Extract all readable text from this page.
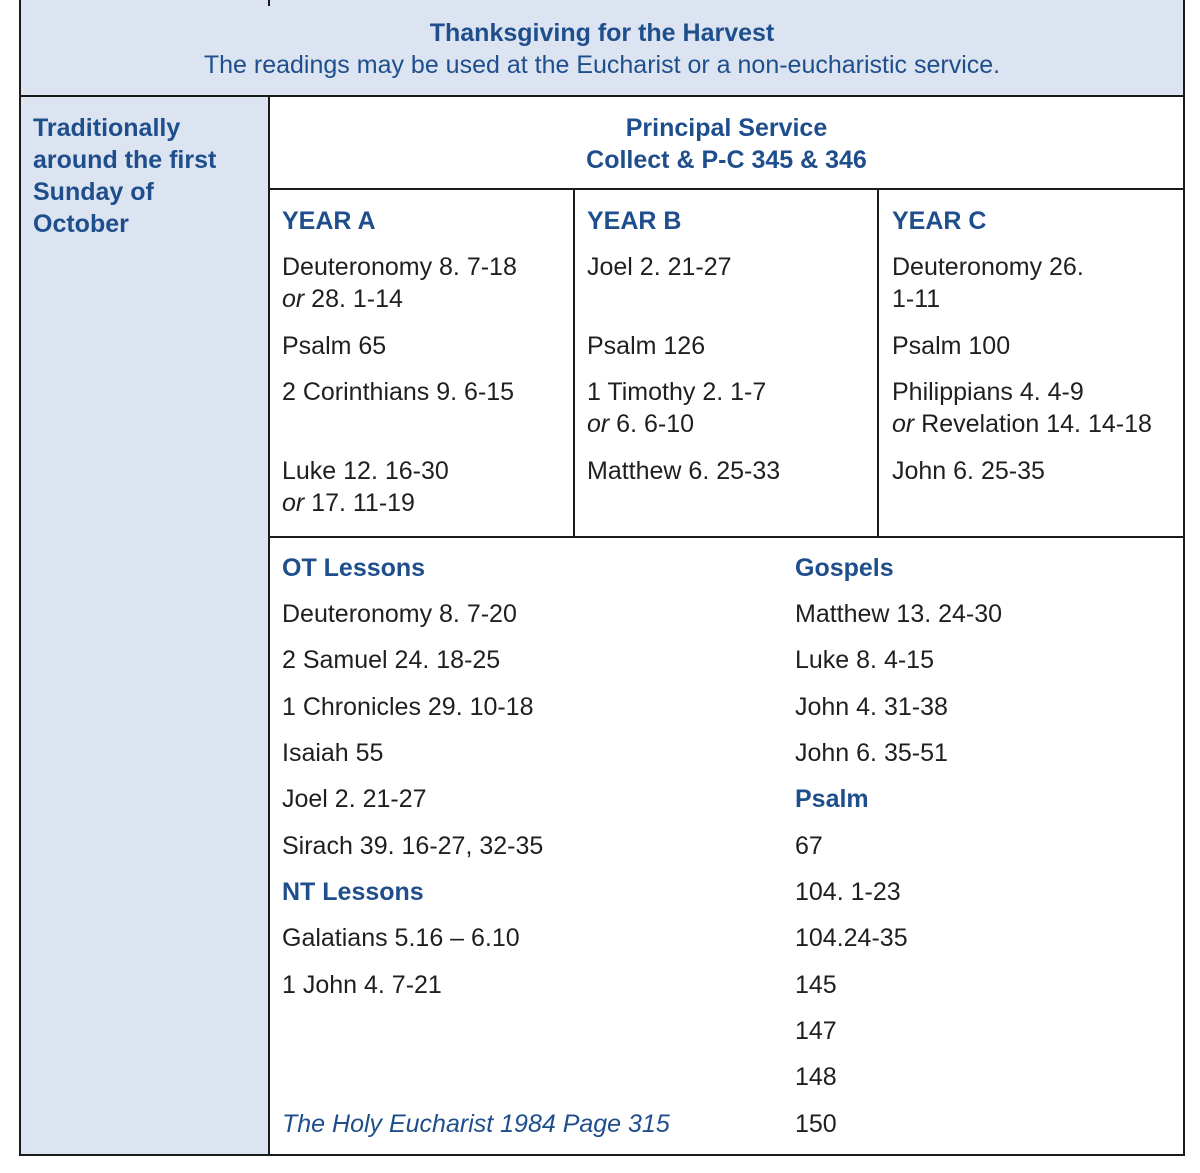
Thanksgiving for the Harvest
The readings may be used at the Eucharist or a non-eucharistic service.
Traditionally
around the first
Sunday of
October
Principal Service
Collect & P-C 345 & 346
YEAR A
Deuteronomy 8. 7-18
or 28. 1-14
Psalm 65
2 Corinthians 9. 6-15
Luke 12. 16-30
or 17. 11-19
YEAR B
Joel 2. 21-27
Psalm 126
1 Timothy 2. 1-7
or 6. 6-10
Matthew 6. 25-33
YEAR C
Deuteronomy 26.
1-11
Psalm 100
Philippians 4. 4-9
or Revelation 14. 14-18
John 6. 25-35
OT Lessons
Deuteronomy 8. 7-20
2 Samuel 24. 18-25
1 Chronicles 29. 10-18
Isaiah 55
Joel 2. 21-27
Sirach 39. 16-27, 32-35
NT Lessons
Galatians 5.16 – 6.10
1 John 4. 7-21
The Holy Eucharist 1984 Page 315
Gospels
Matthew 13. 24-30
Luke 8. 4-15
John 4. 31-38
John 6. 35-51
Psalm
67
104. 1-23
104.24-35
145
147
148
150
